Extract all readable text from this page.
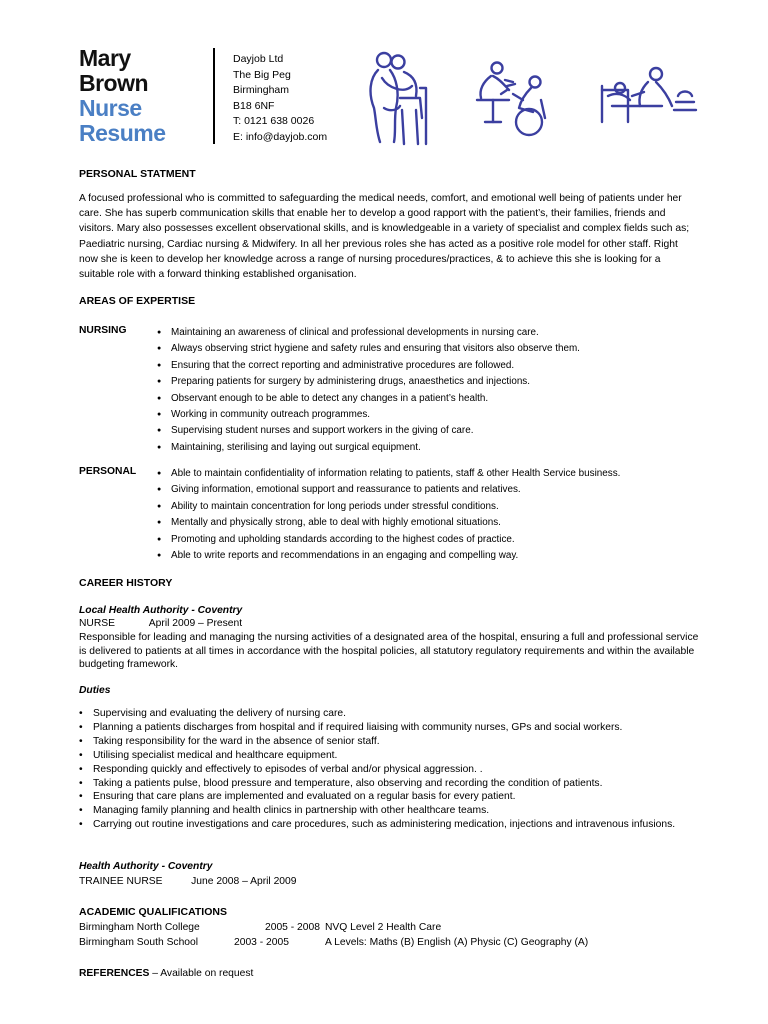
Mary
Brown
Nurse
Resume
Dayjob Ltd
The Big Peg
Birmingham
B18 6NF
T: 0121 638 0026
E: info@dayjob.com
PERSONAL STATMENT
A focused professional who is committed to safeguarding the medical needs, comfort, and emotional well being of patients under her care. She has superb communication skills that enable her to develop a good rapport with the patient’s, their families, friends and visitors. Mary also possesses excellent observational skills, and is knowledgeable in a variety of specialist and complex fields such as; Paediatric nursing, Cardiac nursing & Midwifery. In all her previous roles she has acted as a positive role model for other staff. Right now she is keen to develop her knowledge across a range of nursing procedures/practices, & to achieve this she is looking for a suitable role with a forward thinking established organisation.
AREAS OF EXPERTISE
NURSING	● Maintaining an awareness of clinical and professional developments in nursing care.
● Always observing strict hygiene and safety rules and ensuring that visitors also observe them.
● Ensuring that the correct reporting and administrative procedures are followed.
● Preparing patients for surgery by administering drugs, anaesthetics and injections.
● Observant enough to be able to detect any changes in a patient’s health.
● Working in community outreach programmes.
● Supervising student nurses and support workers in the giving of care.
● Maintaining, sterilising and laying out surgical equipment.
PERSONAL	● Able to maintain confidentiality of information relating to patients, staff & other Health Service business.
● Giving information, emotional support and reassurance to patients and relatives.
● Ability to maintain concentration for long periods under stressful conditions.
● Mentally and physically strong, able to deal with highly emotional situations.
● Promoting and upholding standards according to the highest codes of practice.
● Able to write reports and recommendations in an engaging and compelling way.
CAREER HISTORY
Local Health Authority - Coventry
NURSE            April 2009 – Present
Responsible for leading and managing the nursing activities of a designated area of the hospital, ensuring a full and professional service is delivered to patients at all times in accordance with the hospital policies, all statutory regulatory requirements and within the available budgeting framework.
Duties
• Supervising and evaluating the delivery of nursing care.
• Planning a patients discharges from hospital and if required liaising with community nurses, GPs and social workers.
• Taking responsibility for the ward in the absence of senior staff.
• Utilising specialist medical and healthcare equipment.
• Responding quickly and effectively to episodes of verbal and/or physical aggression. .
• Taking a patients pulse, blood pressure and temperature, also observing and recording the condition of patients.
• Ensuring that care plans are implemented and evaluated on a regular basis for every patient.
• Managing family planning and health clinics in partnership with other healthcare teams.
• Carrying out routine investigations and care procedures, such as administering medication, injections and intravenous infusions.
Health Authority - Coventry
TRAINEE NURSE          June 2008 – April 2009
ACADEMIC QUALIFICATIONS
Birmingham North College	2005 - 2008 NVQ Level 2 Health Care
Birmingham South School	2003 - 2005	A Levels: Maths (B) English (A) Physic (C) Geography (A)
REFERENCES – Available on request
